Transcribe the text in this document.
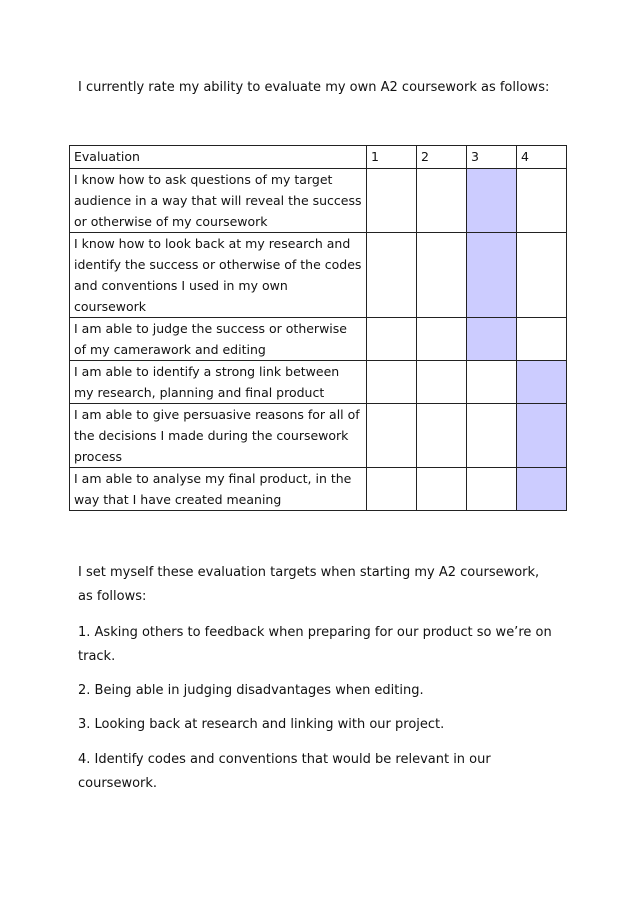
I currently rate my ability to evaluate my own A2 coursework as follows:

Evaluation	1	2	3	4

I know how to ask questions of my target audience in a way that will reveal the success or otherwise of my coursework				

I know how to look back at my research and identify the success or otherwise of the codes and conventions I used in my own coursework				

I am able to judge the success or otherwise of my camerawork and editing				

I am able to identify a strong link between my research, planning and final product				

I am able to give persuasive reasons for all of the decisions I made during the coursework process				

I am able to analyse my final product, in the way that I have created meaning				

I set myself these evaluation targets when starting my A2 coursework, as follows:

1. Asking others to feedback when preparing for our product so we’re on track.

2. Being able in judging disadvantages when editing.

3. Looking back at research and linking with our project.

4. Identify codes and conventions that would be relevant in our coursework.
